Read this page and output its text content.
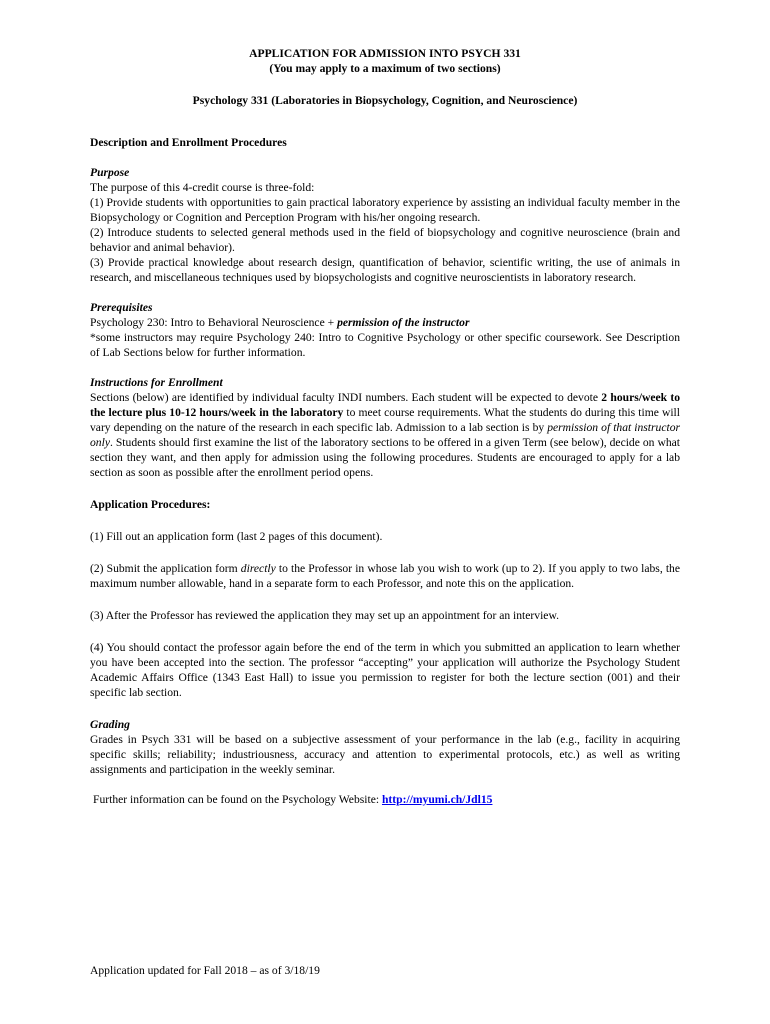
APPLICATION FOR ADMISSION INTO PSYCH 331
(You may apply to a maximum of two sections)
Psychology 331 (Laboratories in Biopsychology, Cognition, and Neuroscience)
Description and Enrollment Procedures
Purpose

The purpose of this 4-credit course is three-fold:

(1) Provide students with opportunities to gain practical laboratory experience by assisting an individual faculty member in the Biopsychology or Cognition and Perception Program with his/her ongoing research.

(2) Introduce students to selected general methods used in the field of biopsychology and cognitive neuroscience (brain and behavior and animal behavior).

(3) Provide practical knowledge about research design, quantification of behavior, scientific writing, the use of animals in research, and miscellaneous techniques used by biopsychologists and cognitive neuroscientists in laboratory research.

Prerequisites

Psychology 230: Intro to Behavioral Neuroscience + permission of the instructor

*some instructors may require Psychology 240: Intro to Cognitive Psychology or other specific coursework. See Description of Lab Sections below for further information.

Instructions for Enrollment

Sections (below) are identified by individual faculty INDI numbers. Each student will be expected to devote 2 hours/week to the lecture plus 10-12 hours/week in the laboratory to meet course requirements. What the students do during this time will vary depending on the nature of the research in each specific lab. Admission to a lab section is by permission of that instructor only. Students should first examine the list of the laboratory sections to be offered in a given Term (see below), decide on what section they want, and then apply for admission using the following procedures. Students are encouraged to apply for a lab section as soon as possible after the enrollment period opens.

Application Procedures:

(1) Fill out an application form (last 2 pages of this document).

(2) Submit the application form directly to the Professor in whose lab you wish to work (up to 2). If you apply to two labs, the maximum number allowable, hand in a separate form to each Professor, and note this on the application.

(3) After the Professor has reviewed the application they may set up an appointment for an interview.

(4) You should contact the professor again before the end of the term in which you submitted an application to learn whether you have been accepted into the section. The professor “accepting” your application will authorize the Psychology Student Academic Affairs Office (1343 East Hall) to issue you permission to register for both the lecture section (001) and their specific lab section.

Grading

Grades in Psych 331 will be based on a subjective assessment of your performance in the lab (e.g., facility in acquiring specific skills; reliability; industriousness, accuracy and attention to experimental protocols, etc.) as well as writing assignments and participation in the weekly seminar.

Further information can be found on the Psychology Website: http://myumi.ch/Jdl15
Application updated for Fall 2018 – as of 3/18/19
